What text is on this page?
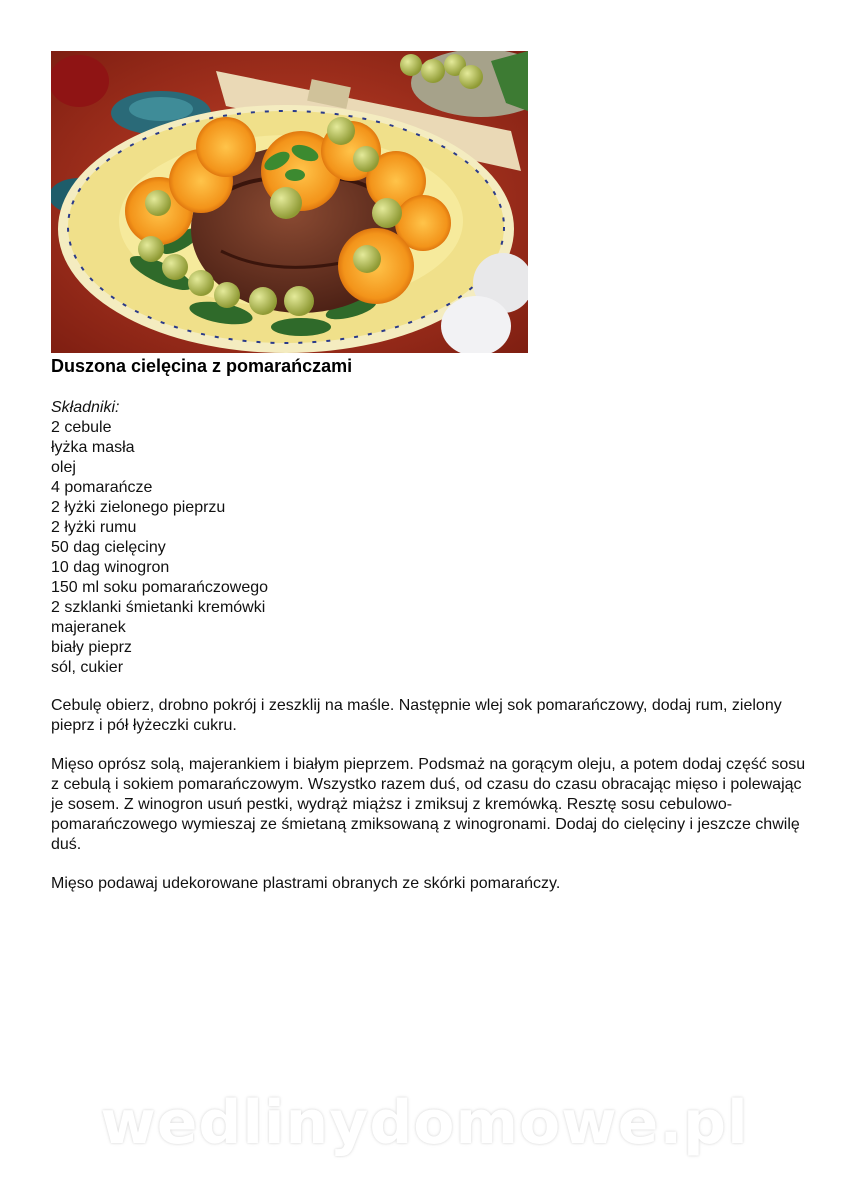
Duszona cielęcina z pomarańczami
Składniki:
2 cebule
łyżka masła
olej
4 pomarańcze
2 łyżki zielonego pieprzu
2 łyżki rumu
50 dag cielęciny
10 dag winogron
150 ml soku pomarańczowego
2 szklanki śmietanki kremówki
majeranek
biały pieprz
sól, cukier

Cebulę obierz, drobno pokrój i zeszklij na maśle. Następnie wlej sok pomarańczowy, dodaj rum, zielony pieprz i pół łyżeczki cukru.

Mięso oprósz solą, majerankiem i białym pieprzem. Podsmaż na gorącym oleju, a potem dodaj część sosu z cebulą i sokiem pomarańczowym. Wszystko razem duś, od czasu do czasu obracając mięso i polewając je sosem. Z winogron usuń pestki, wydrąż miąższ i zmiksuj z kremówką. Resztę sosu cebulowo-pomarańczowego wymieszaj ze śmietaną zmiksowaną z winogronami. Dodaj do cielęciny i jeszcze chwilę duś.

Mięso podawaj udekorowane plastrami obranych ze skórki pomarańczy.

wedlinydomowe.pl
